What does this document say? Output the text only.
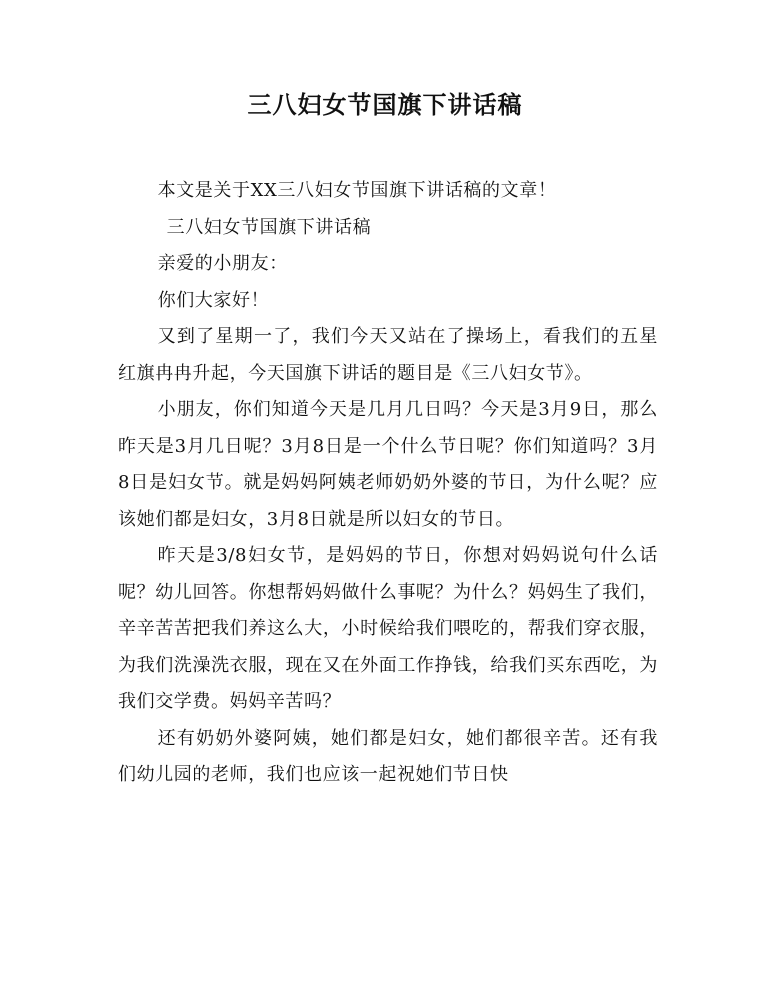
三八妇女节国旗下讲话稿

本文是关于XX三八妇女节国旗下讲话稿的文章！

三八妇女节国旗下讲话稿

亲爱的小朋友：

你们大家好！

又到了星期一了，我们今天又站在了操场上，看我们的五星红旗冉冉升起，今天国旗下讲话的题目是《三八妇女节》。

小朋友，你们知道今天是几月几日吗？今天是3月9日，那么昨天是3月几日呢？3月8日是一个什么节日呢？你们知道吗？3月8日是妇女节。就是妈妈阿姨老师奶奶外婆的节日，为什么呢？应该她们都是妇女，3月8日就是所以妇女的节日。

昨天是3/8妇女节，是妈妈的节日，你想对妈妈说句什么话呢？幼儿回答。你想帮妈妈做什么事呢？为什么？妈妈生了我们，辛辛苦苦把我们养这么大，小时候给我们喂吃的，帮我们穿衣服，为我们洗澡洗衣服，现在又在外面工作挣钱，给我们买东西吃，为我们交学费。妈妈辛苦吗？

还有奶奶外婆阿姨，她们都是妇女，她们都很辛苦。还有我们幼儿园的老师，我们也应该一起祝她们节日快
